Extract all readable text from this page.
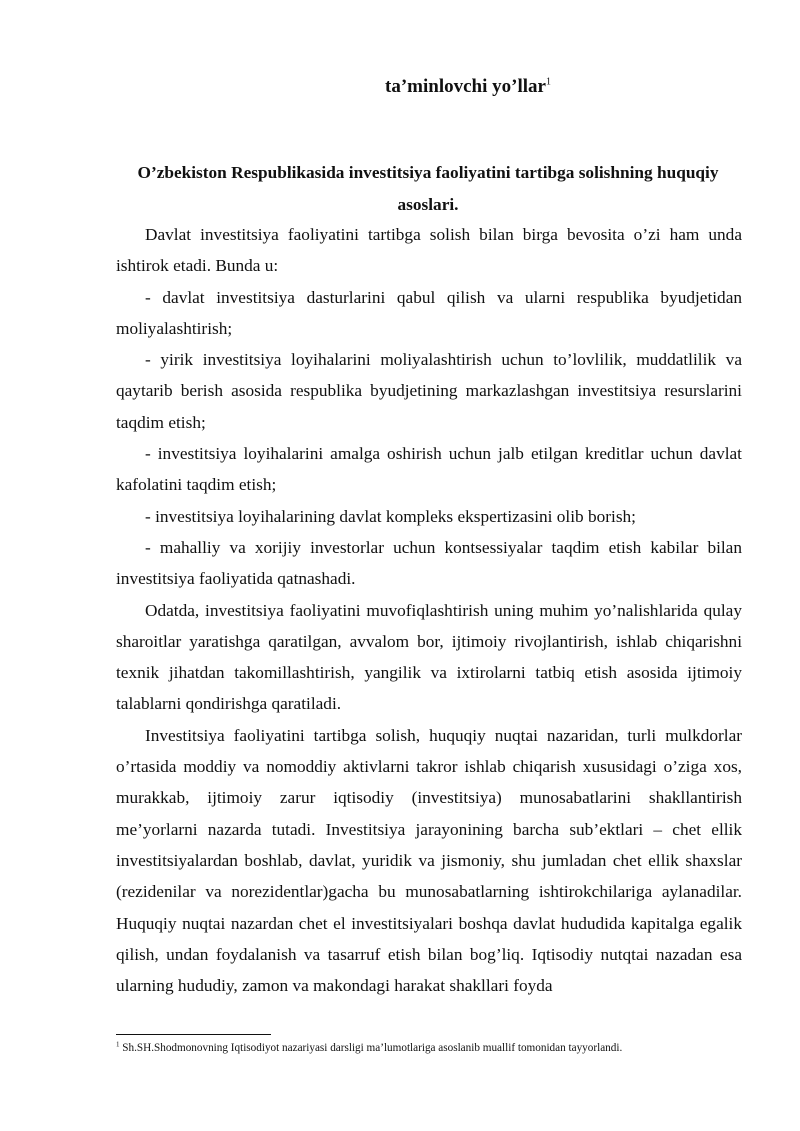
ta’minlovchi yo’llar$^1$
O’zbekiston Respublikasida investitsiya faoliyatini tartibga solishning huquqiy asoslari.

Davlat investitsiya faoliyatini tartibga solish bilan birga bevosita o’zi ham unda ishtirok etadi. Bunda u:

- davlat investitsiya dasturlarini qabul qilish va ularni respublika byudjetidan moliyalashtirish;

- yirik investitsiya loyihalarini moliyalashtirish uchun to’lovlilik, muddatlilik va qaytarib berish asosida respublika byudjetining markazlashgan investitsiya resurslarini taqdim etish;

- investitsiya loyihalarini amalga oshirish uchun jalb etilgan kreditlar uchun davlat kafolatini taqdim etish;

- investitsiya loyihalarining davlat kompleks ekspertizasini olib borish;

- mahalliy va xorijiy investorlar uchun kontsessiyalar taqdim etish kabilar bilan investitsiya faoliyatida qatnashadi.

Odatda, investitsiya faoliyatini muvofiqlashtirish uning muhim yo’nalishlarida qulay sharoitlar yaratishga qaratilgan, avvalom bor, ijtimoiy rivojlantirish, ishlab chiqarishni texnik jihatdan takomillashtirish, yangilik va ixtirolarni tatbiq etish asosida ijtimoiy talablarni qondirishga qaratiladi.

Investitsiya faoliyatini tartibga solish, huquqiy nuqtai nazaridan, turli mulkdorlar o’rtasida moddiy va nomoddiy aktivlarni takror ishlab chiqarish xususidagi o’ziga xos, murakkab, ijtimoiy zarur iqtisodiy (investitsiya) munosabatlarini shakllantirish me’yorlarni nazarda tutadi. Investitsiya jarayonining barcha sub’ektlari – chet ellik investitsiyalardan boshlab, davlat, yuridik va jismoniy, shu jumladan chet ellik shaxslar (rezidenilar va norezidentlar)gacha bu munosabatlarning ishtirokchilariga aylanadilar. Huquqiy nuqtai nazardan chet el investitsiyalari boshqa davlat hududida kapitalga egalik qilish, undan foydalanish va tasarruf etish bilan bog’liq. Iqtisodiy nutqtai nazadan esa ularning hududiy, zamon va makondagi harakat shakllari foyda

$^1$ Sh.SH.Shodmonovning Iqtisodiyot nazariyasi darsligi ma’lumotlariga asoslanib muallif tomonidan tayyorlandi.
